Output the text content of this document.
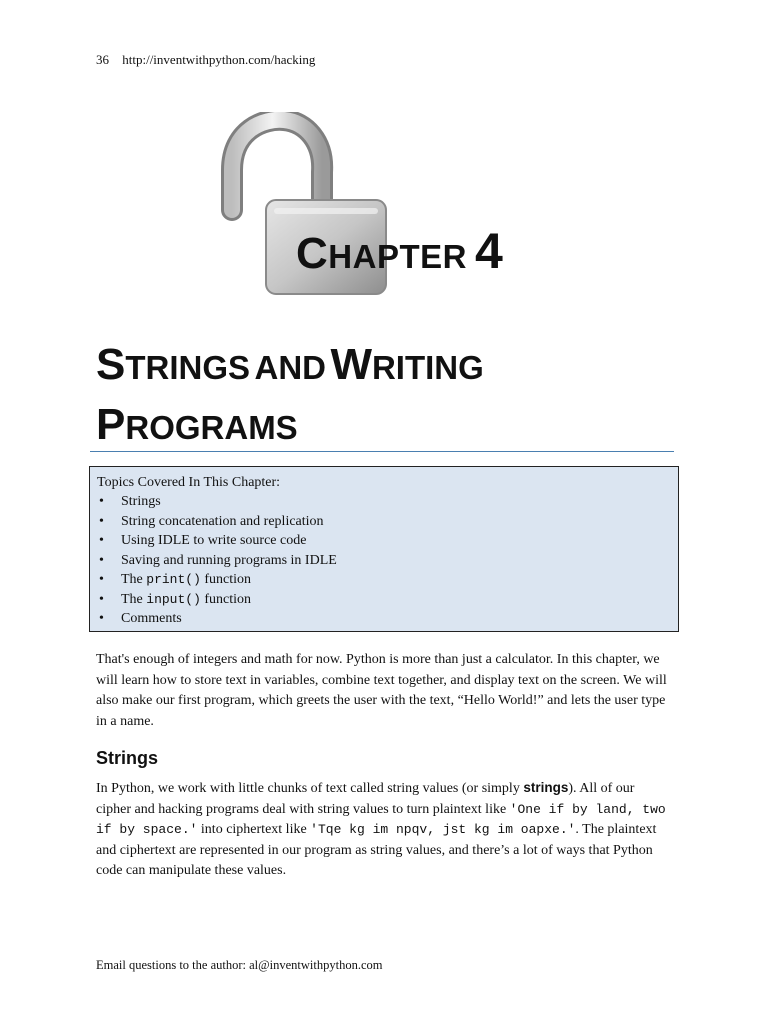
36 http://inventwithpython.com/hacking
CHAPTER 4
STRINGS AND WRITING
PROGRAMS
Topics Covered In This Chapter:
• Strings
• String concatenation and replication
• Using IDLE to write source code
• Saving and running programs in IDLE
• The print() function
• The input() function
• Comments
That's enough of integers and math for now. Python is more than just a calculator. In this chapter, we will learn how to store text in variables, combine text together, and display text on the screen. We will also make our first program, which greets the user with the text, “Hello World!” and lets the user type in a name.
Strings
In Python, we work with little chunks of text called string values (or simply strings). All of our cipher and hacking programs deal with string values to turn plaintext like 'One if by land, two if by space.' into ciphertext like 'Tqe kg im npqv, jst kg im oapxe.'. The plaintext and ciphertext are represented in our program as string values, and there’s a lot of ways that Python code can manipulate these values.
Email questions to the author: al@inventwithpython.com
